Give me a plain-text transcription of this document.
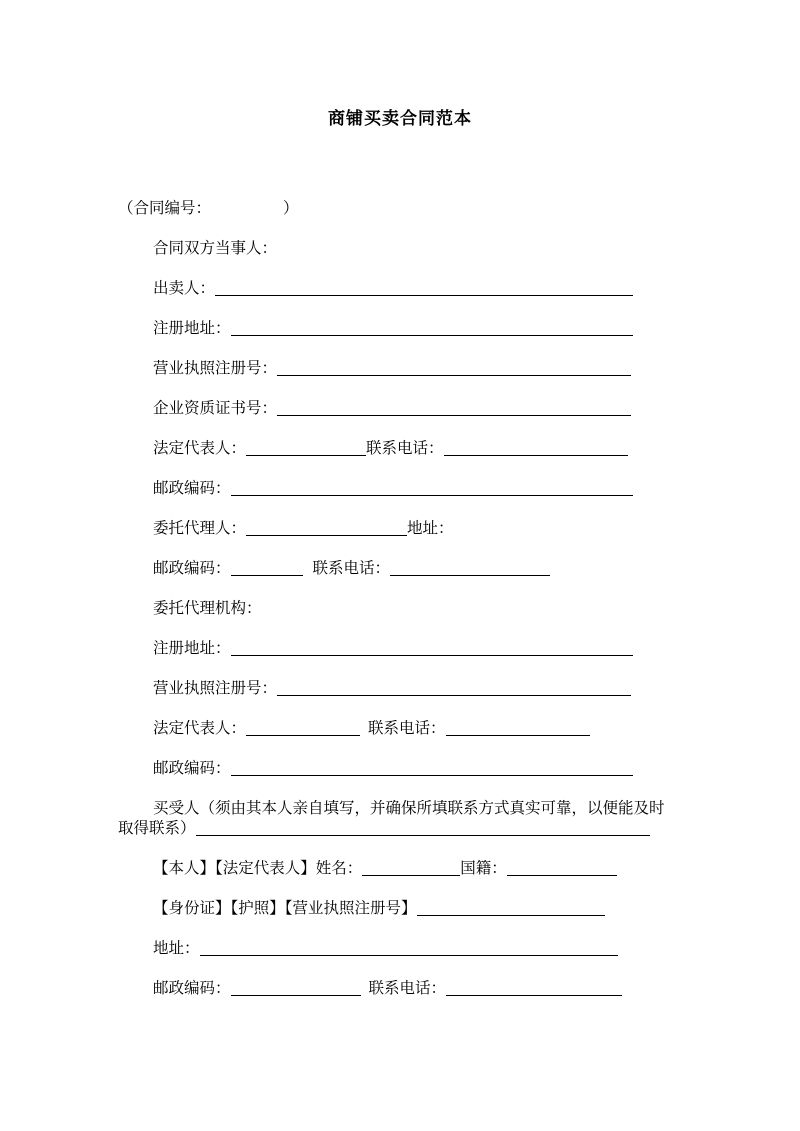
商铺买卖合同范本
（合同编号：	）
合同双方当事人：
出卖人：
注册地址：
营业执照注册号：
企业资质证书号：
法定代表人：	联系电话：
邮政编码：
委托代理人：	地址：
邮政编码：	联系电话：
委托代理机构：
注册地址：
营业执照注册号：
法定代表人：	联系电话：
邮政编码：
买受人（须由其本人亲自填写，并确保所填联系方式真实可靠，以便能及时
取得联系）
【本人】【法定代表人】姓名：	国籍：
【身份证】【护照】【营业执照注册号】
地址：
邮政编码：	联系电话：
